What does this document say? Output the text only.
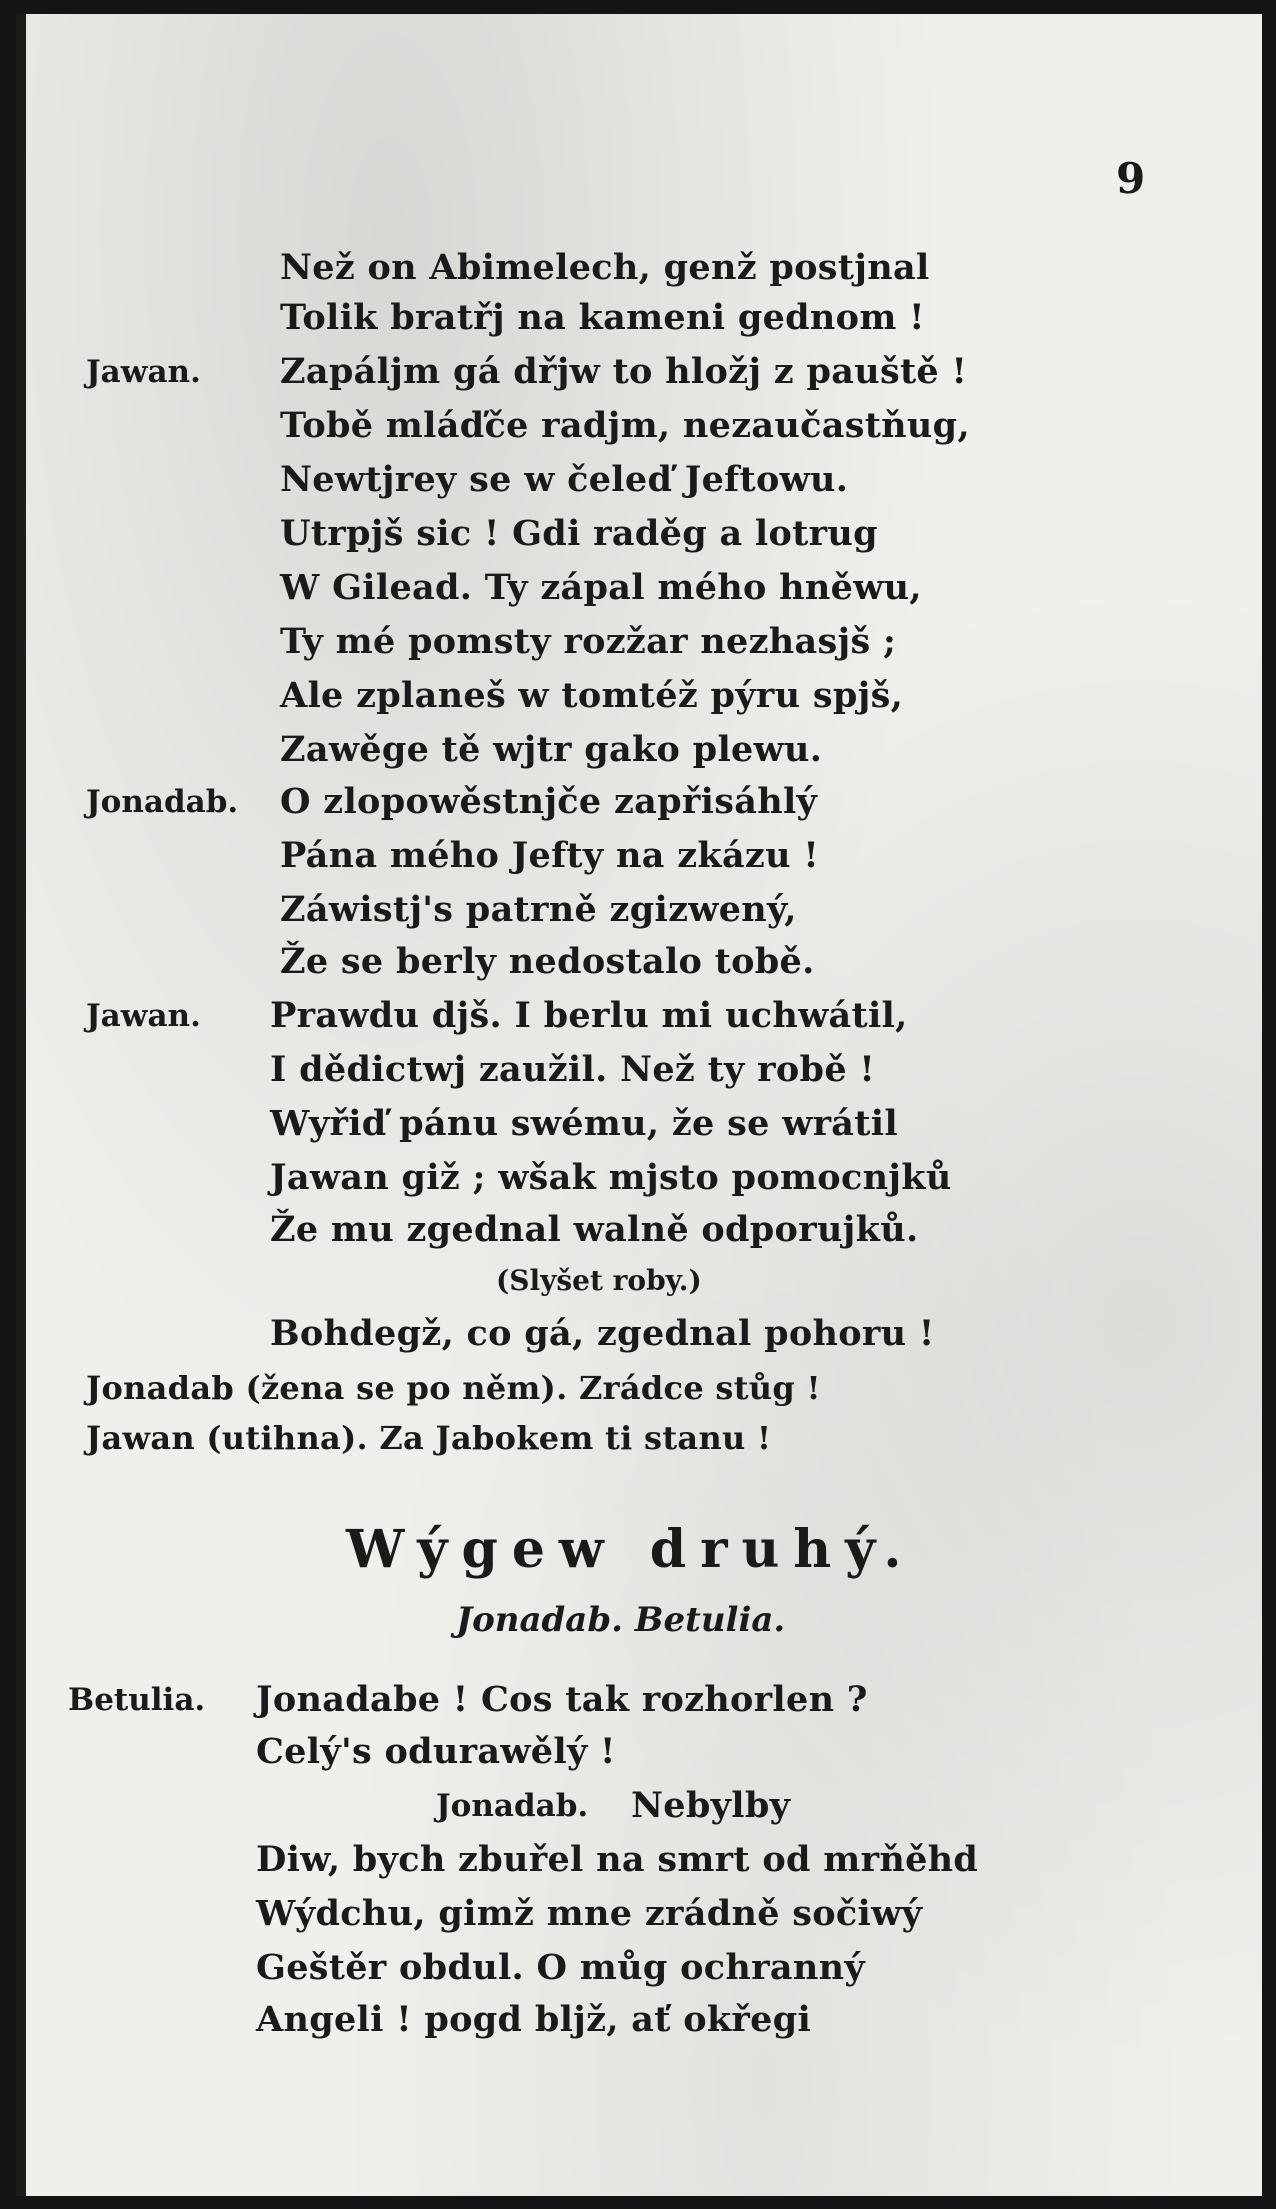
9
Než on Abimelech, genž postjnal
Tolik bratřj na kameni gednom !
Jawan. Zapáljm gá dřjw to hložj z pauště !
Tobě mláďče radjm, nezaučastňug,
Newtjrey se w čeleď Jeftowu.
Utrpjš sic ! Gdi raděg a lotrug
W Gilead. Ty zápal mého hněwu,
Ty mé pomsty rozžar nezhasjš ;
Ale zplaneš w tomtéž pýru spjš,
Zawěge tě wjtr gako plewu.
Jonadab. O zlopowěstnjče zapřisáhlý
Pána mého Jefty na zkázu !
Záwistj's patrně zgizwený,
Že se berly nedostalo tobě.
Jawan. Prawdu djš. I berlu mi uchwátil,
I dědictwj zaužil. Než ty robě !
Wyřiď pánu swému, že se wrátil
Jawan giž ; wšak mjsto pomocnjků
Že mu zgednal walně odporujků.
(Slyšet roby.)
Bohdegž, co gá, zgednal pohoru !
Jonadab (žena se po něm). Zrádce stůg !
Jawan (utihna). Za Jabokem ti stanu !
Wýgew druhý.
Jonadab. Betulia.
Betulia. Jonadabe ! Cos tak rozhorlen ?
Celý's odurawělý !
Jonadab. Nebylby
Diw, bych zbuřel na smrt od mrňěhd
Wýdchu, gimž mne zrádně sočiwý
Geštěr obdul. O můg ochranný
Angeli ! pogd bljž, ať okřegi
